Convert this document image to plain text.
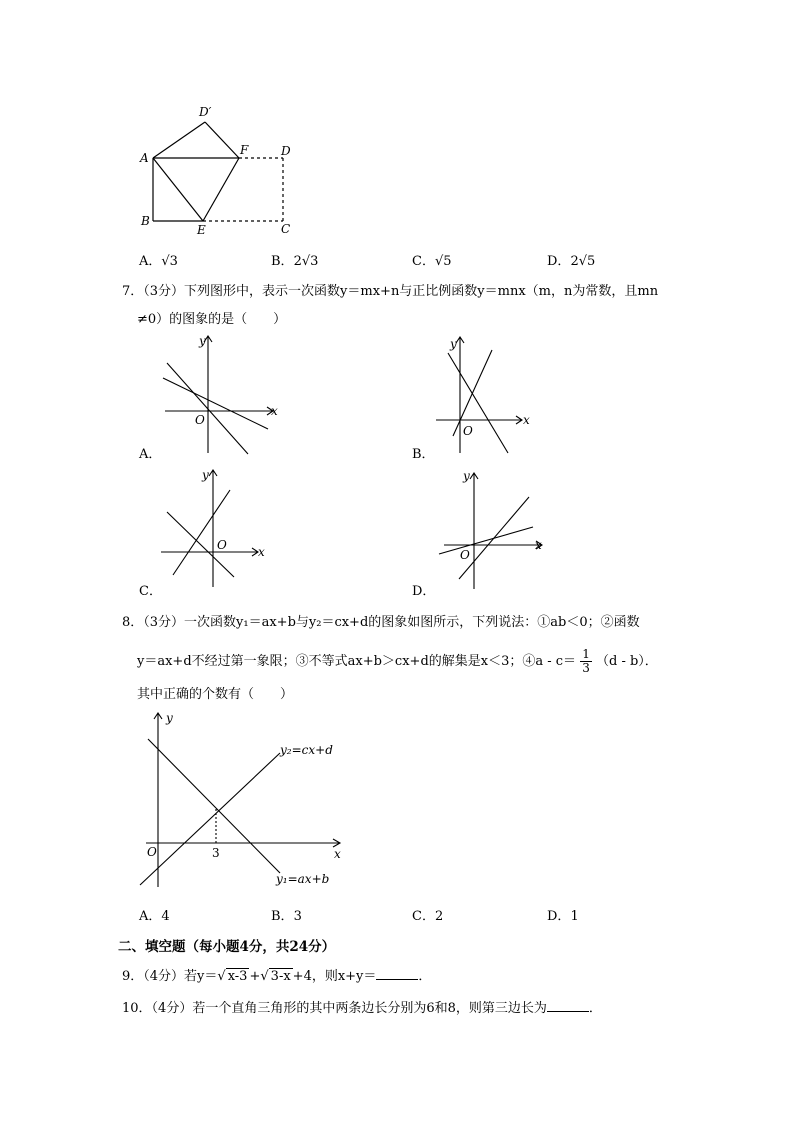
A
B
C
D
E
F
D′
A．√3	B．2√3	C．√5	D．2√5
7．（3分）下列图形中，表示一次函数y＝mx+n与正比例函数y＝mnx（m，n为常数，且mn
≠0）的图象的是（　　）
x
y
O	x
y
O
A．	B．
x
y
O	x
y
O
C．	D．
8．（3分）一次函数y₁＝ax+b与y₂＝cx+d的图象如图所示，下列说法：①ab＜0；②函数
y＝ax+d不经过第一象限；③不等式ax+b＞cx+d的解集是x＜3；④a - $c= \frac{1}{3} (d - b)$．
其中正确的个数有（　　）
y
x
O	3
y₂=cx+d
y₁=ax+b
A．4	B．3	C．2	D．1
二、填空题（每小题4分，共24分）
9．（4分）若y＝√ x-3 +√ 3-x +4，则x+y＝	．
10．（4分）若一个直角三角形的其中两条边长分别为6和8，则第三边长为	．
